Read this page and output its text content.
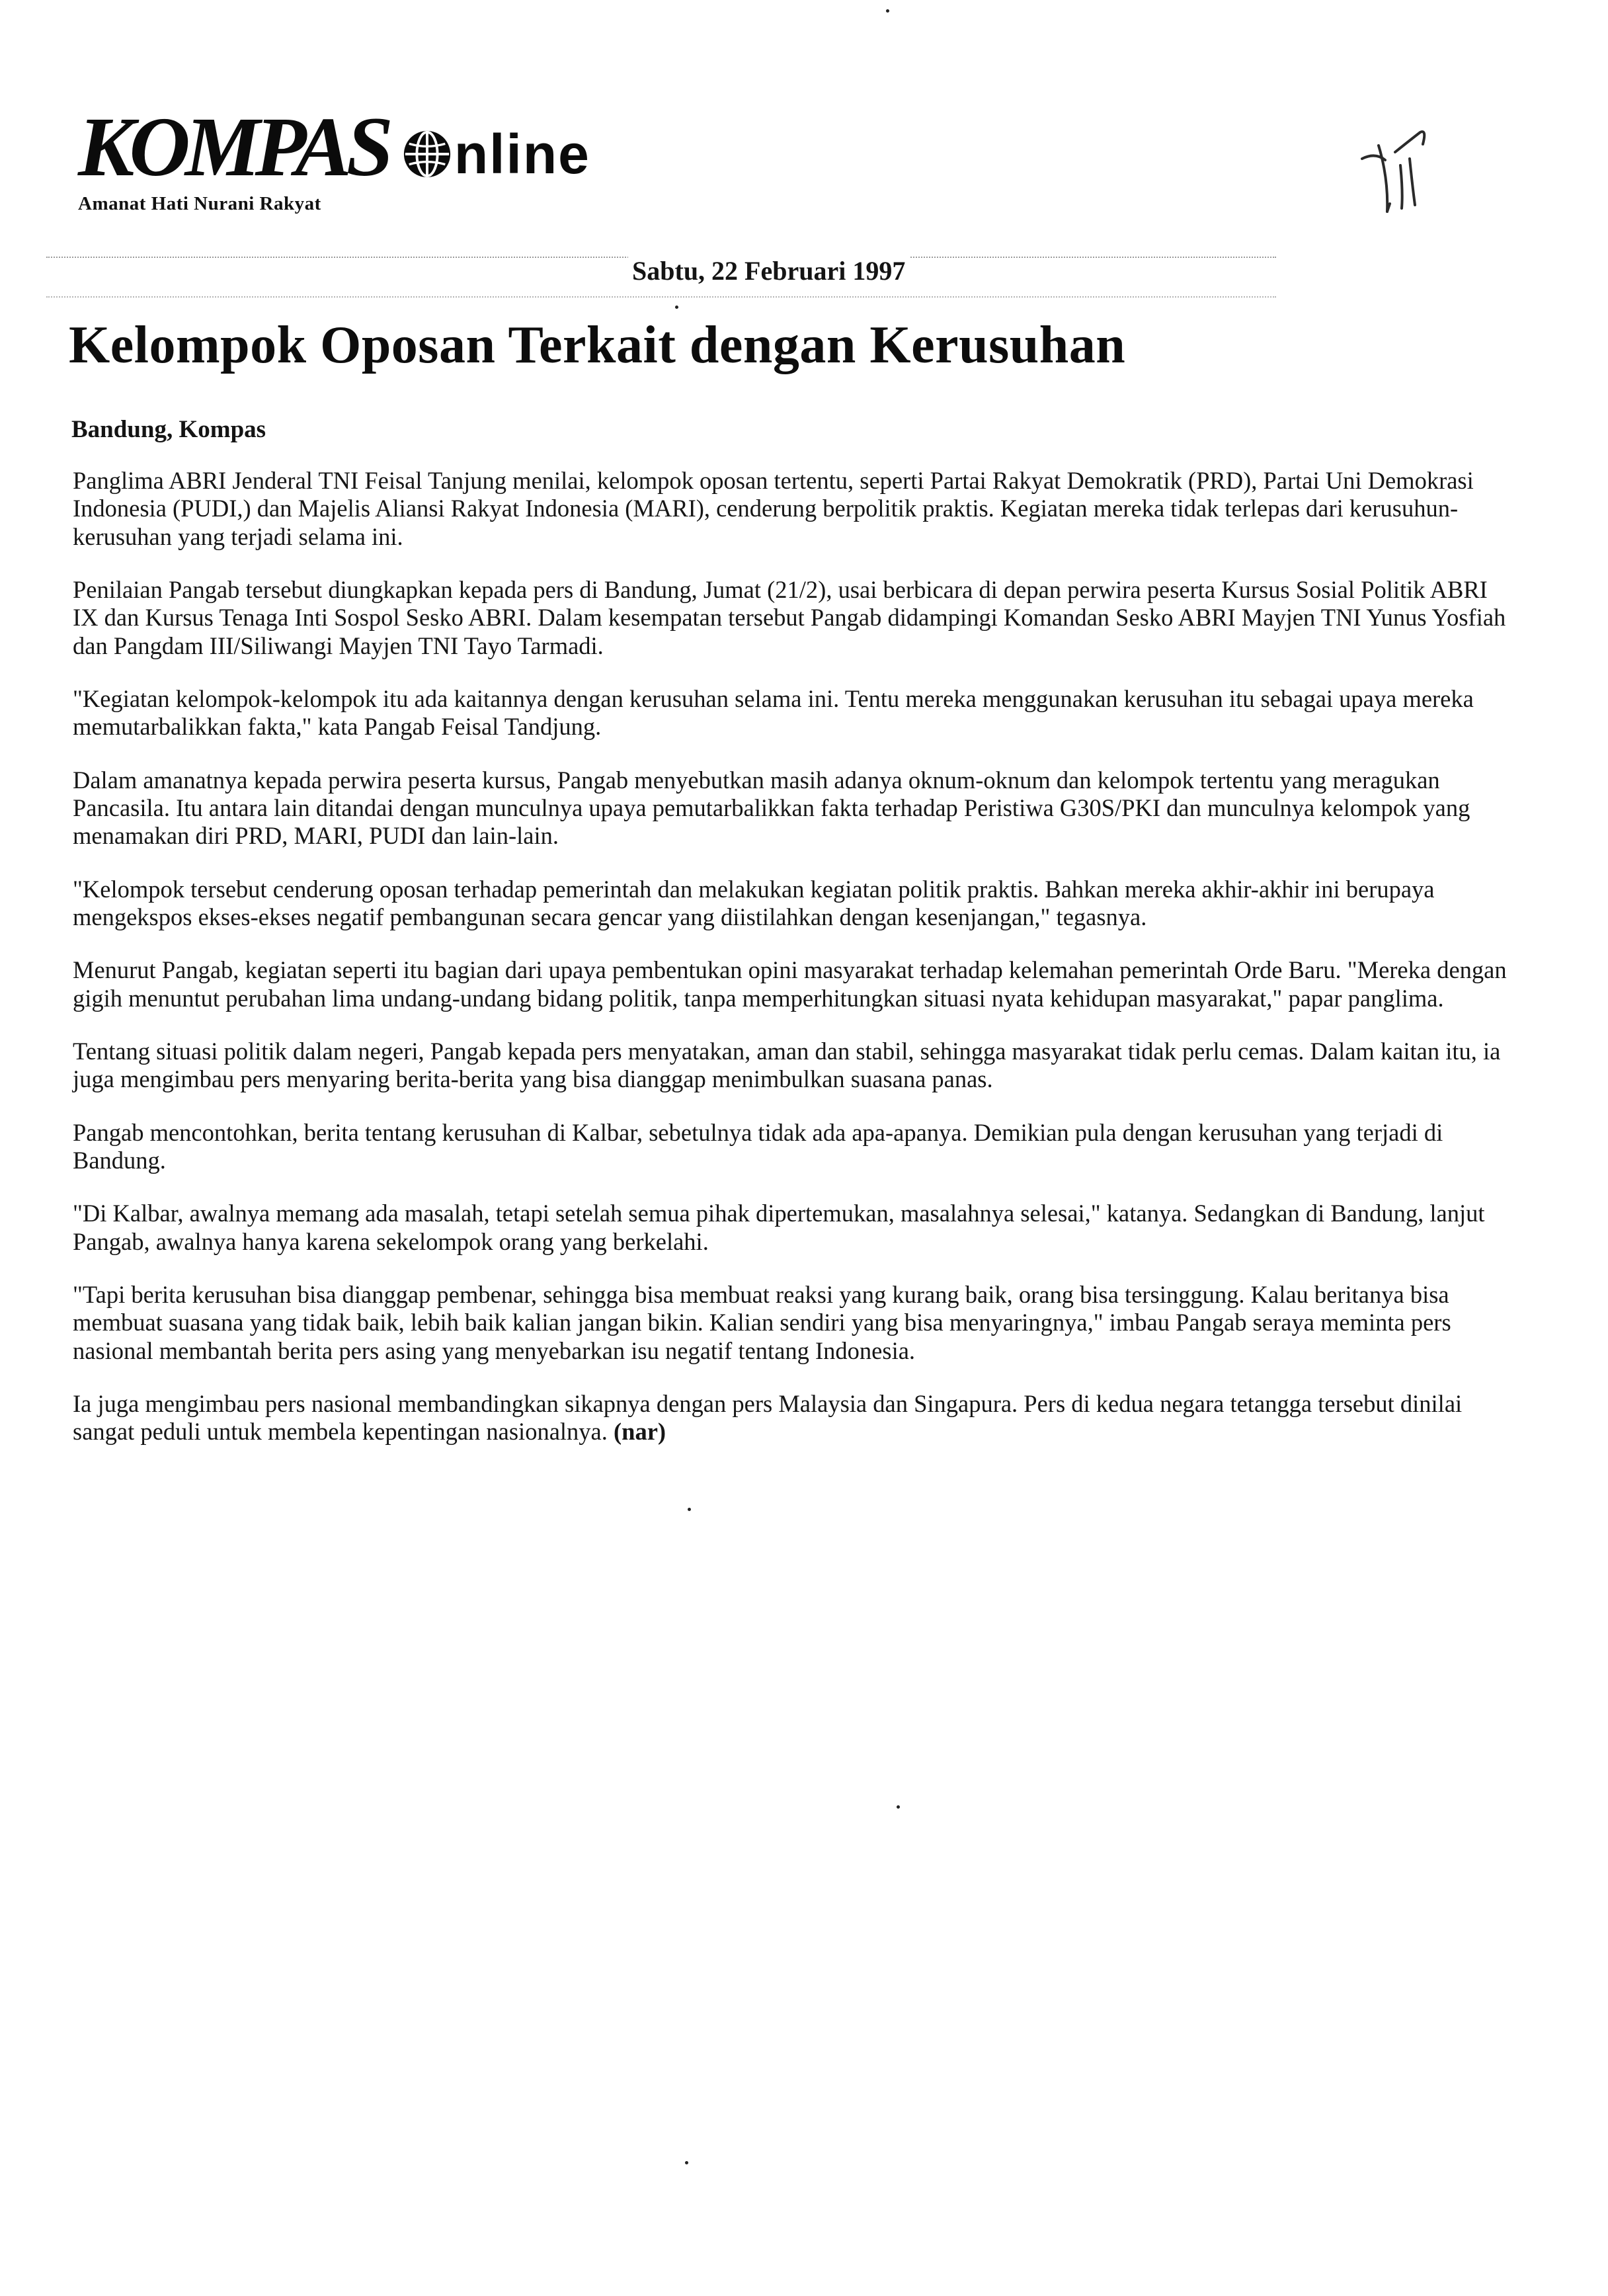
KOMPAS nline
Amanat Hati Nurani Rakyat
Sabtu, 22 Februari 1997
Kelompok Oposan Terkait dengan Kerusuhan
Bandung, Kompas

Panglima ABRI Jenderal TNI Feisal Tanjung menilai, kelompok oposan tertentu, seperti Partai Rakyat Demokratik (PRD), Partai Uni Demokrasi Indonesia (PUDI,) dan Majelis Aliansi Rakyat Indonesia (MARI), cenderung berpolitik praktis. Kegiatan mereka tidak terlepas dari kerusuhun-kerusuhan yang terjadi selama ini.

Penilaian Pangab tersebut diungkapkan kepada pers di Bandung, Jumat (21/2), usai berbicara di depan perwira peserta Kursus Sosial Politik ABRI IX dan Kursus Tenaga Inti Sospol Sesko ABRI. Dalam kesempatan tersebut Pangab didampingi Komandan Sesko ABRI Mayjen TNI Yunus Yosfiah dan Pangdam III/Siliwangi Mayjen TNI Tayo Tarmadi.

"Kegiatan kelompok-kelompok itu ada kaitannya dengan kerusuhan selama ini. Tentu mereka menggunakan kerusuhan itu sebagai upaya mereka memutarbalikkan fakta," kata Pangab Feisal Tandjung.

Dalam amanatnya kepada perwira peserta kursus, Pangab menyebutkan masih adanya oknum-oknum dan kelompok tertentu yang meragukan Pancasila. Itu antara lain ditandai dengan munculnya upaya pemutarbalikkan fakta terhadap Peristiwa G30S/PKI dan munculnya kelompok yang menamakan diri PRD, MARI, PUDI dan lain-lain.

"Kelompok tersebut cenderung oposan terhadap pemerintah dan melakukan kegiatan politik praktis. Bahkan mereka akhir-akhir ini berupaya mengekspos ekses-ekses negatif pembangunan secara gencar yang diistilahkan dengan kesenjangan," tegasnya.

Menurut Pangab, kegiatan seperti itu bagian dari upaya pembentukan opini masyarakat terhadap kelemahan pemerintah Orde Baru. "Mereka dengan gigih menuntut perubahan lima undang-undang bidang politik, tanpa memperhitungkan situasi nyata kehidupan masyarakat," papar panglima.

Tentang situasi politik dalam negeri, Pangab kepada pers menyatakan, aman dan stabil, sehingga masyarakat tidak perlu cemas. Dalam kaitan itu, ia juga mengimbau pers menyaring berita-berita yang bisa dianggap menimbulkan suasana panas.

Pangab mencontohkan, berita tentang kerusuhan di Kalbar, sebetulnya tidak ada apa-apanya. Demikian pula dengan kerusuhan yang terjadi di Bandung.

"Di Kalbar, awalnya memang ada masalah, tetapi setelah semua pihak dipertemukan, masalahnya selesai," katanya. Sedangkan di Bandung, lanjut Pangab, awalnya hanya karena sekelompok orang yang berkelahi.

"Tapi berita kerusuhan bisa dianggap pembenar, sehingga bisa membuat reaksi yang kurang baik, orang bisa tersinggung. Kalau beritanya bisa membuat suasana yang tidak baik, lebih baik kalian jangan bikin. Kalian sendiri yang bisa menyaringnya," imbau Pangab seraya meminta pers nasional membantah berita pers asing yang menyebarkan isu negatif tentang Indonesia.

Ia juga mengimbau pers nasional membandingkan sikapnya dengan pers Malaysia dan Singapura. Pers di kedua negara tetangga tersebut dinilai sangat peduli untuk membela kepentingan nasionalnya. (nar)
